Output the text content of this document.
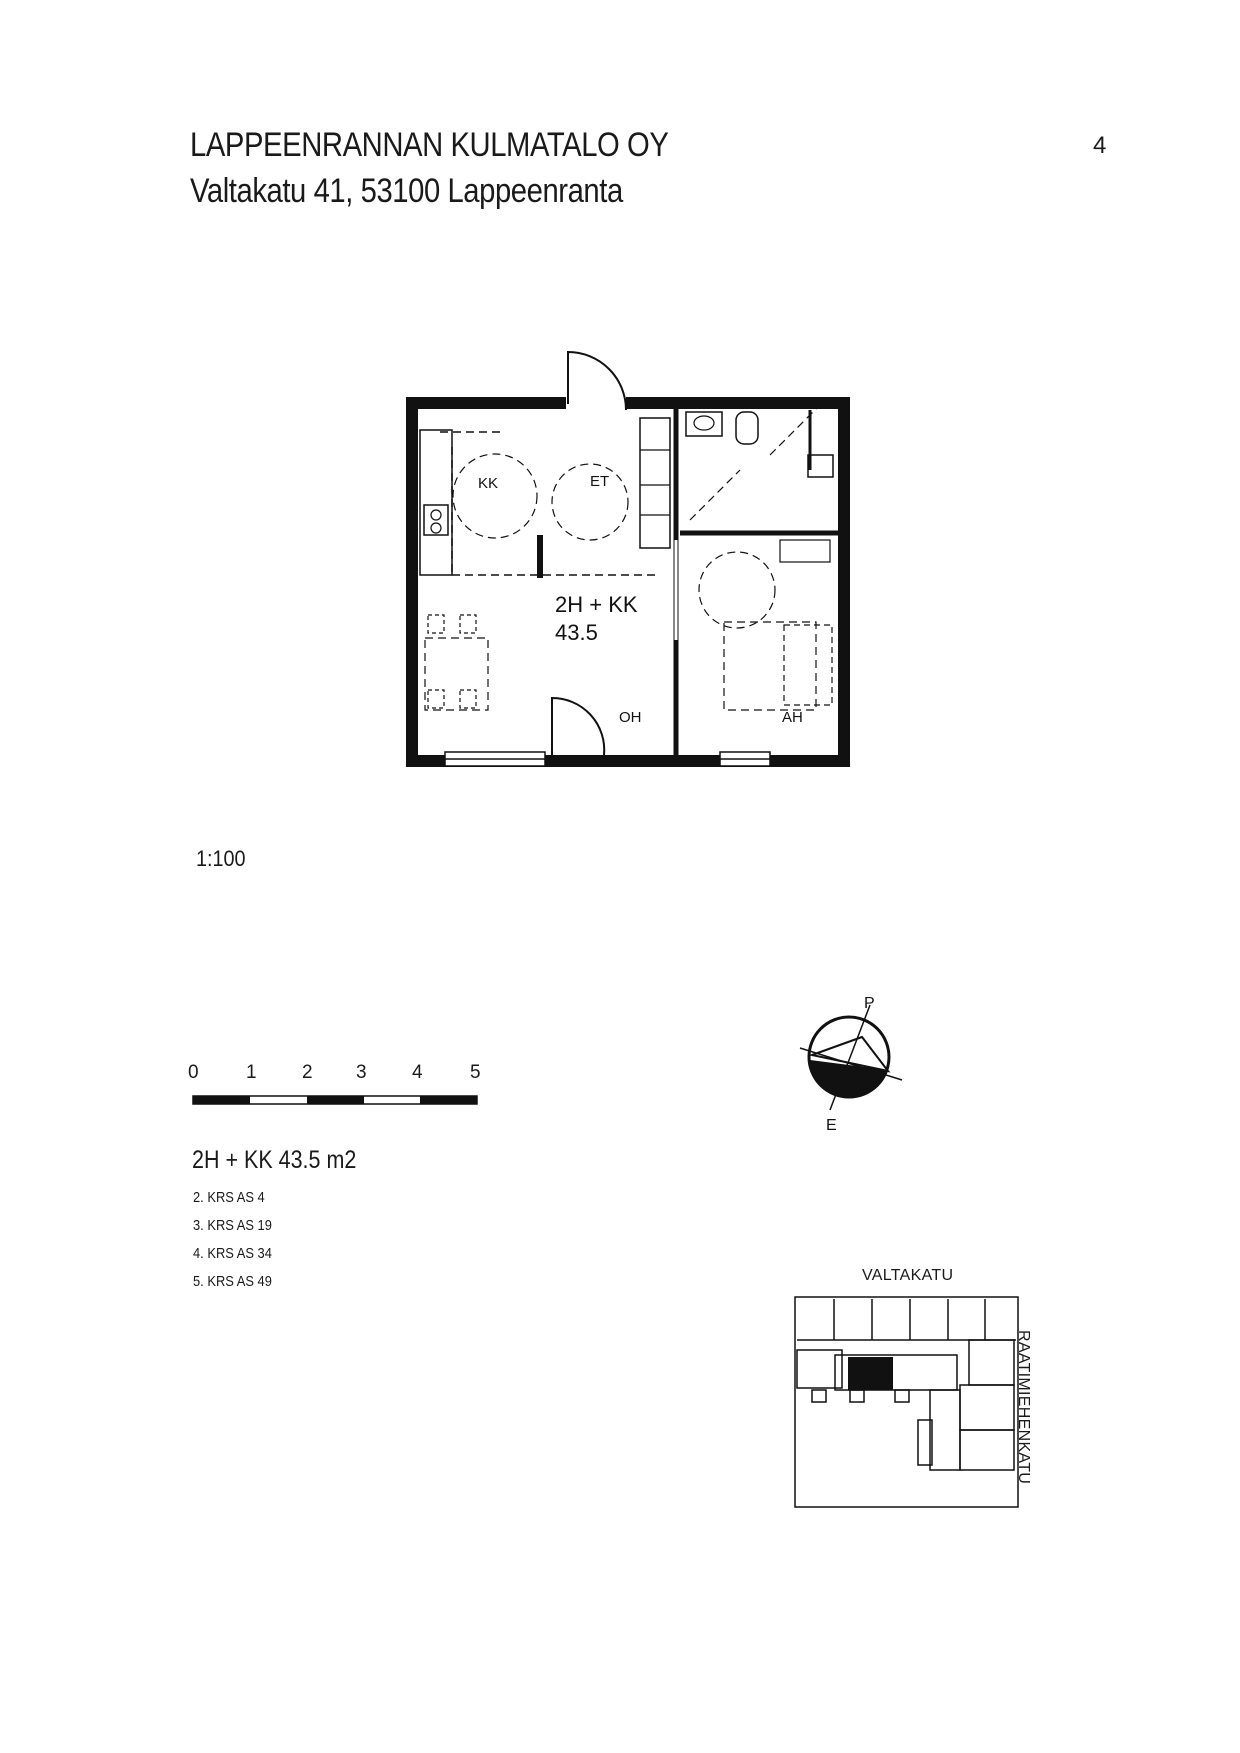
LAPPEENRANNAN KULMATALO OY
Valtakatu 41, 53100 Lappeenranta
4
KK	ET
2H + KK
43.5
OH	AH
P
E
1:100
0 1 2 3 4 5
2H + KK 43.5 m2
2. KRS AS 4
3. KRS AS 19
4. KRS AS 34
5. KRS AS 49	VALTAKATU
RAATIMIEHENKATU
